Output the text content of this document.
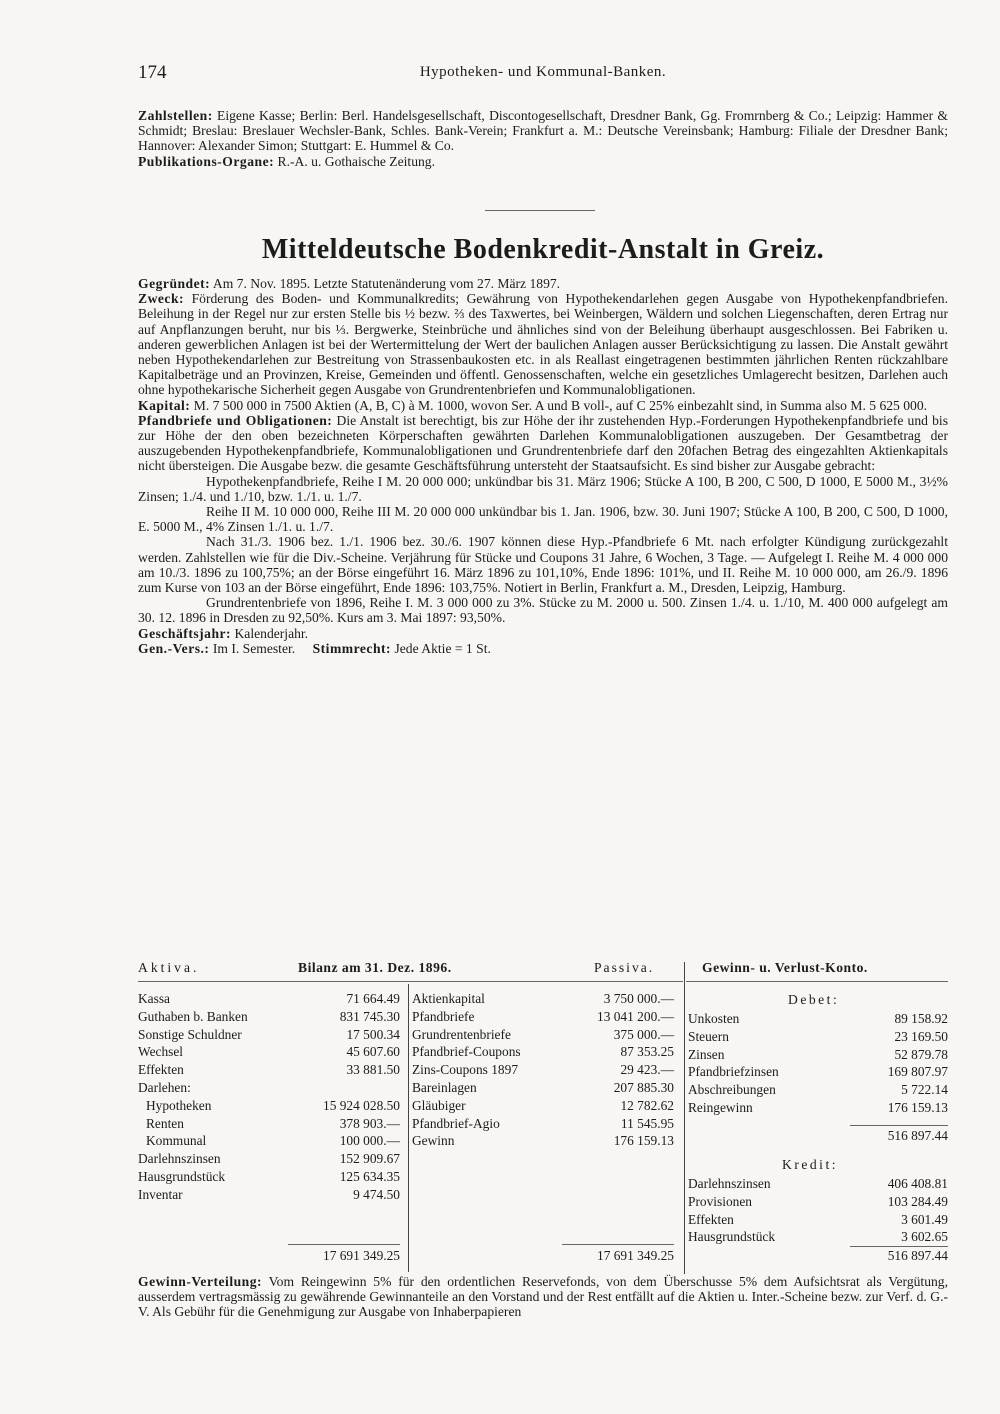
174	Hypotheken- und Kommunal-Banken.
Zahlstellen: Eigene Kasse; Berlin: Berl. Handelsgesellschaft, Discontogesellschaft, Dresdner Bank, Gg. Fromrnberg & Co.; Leipzig: Hammer & Schmidt; Breslau: Breslauer Wechsler-Bank, Schles. Bank-Verein; Frankfurt a. M.: Deutsche Vereinsbank; Hamburg: Filiale der Dresdner Bank; Hannover: Alexander Simon; Stuttgart: E. Hummel & Co.
Publikations-Organe: R.-A. u. Gothaische Zeitung.
Mitteldeutsche Bodenkredit-Anstalt in Greiz.
Gegründet: Am 7. Nov. 1895. Letzte Statutenänderung vom 27. März 1897.
Zweck: Förderung des Boden- und Kommunalkredits; Gewährung von Hypothekendarlehen gegen Ausgabe von Hypothekenpfandbriefen. Beleihung in der Regel nur zur ersten Stelle bis ½ bezw. ⅔ des Taxwertes, bei Weinbergen, Wäldern und solchen Liegenschaften, deren Ertrag nur auf Anpflanzungen beruht, nur bis ⅓. Bergwerke, Steinbrüche und ähnliches sind von der Beleihung überhaupt ausgeschlossen. Bei Fabriken u. anderen gewerblichen Anlagen ist bei der Wertermittelung der Wert der baulichen Anlagen ausser Berücksichtigung zu lassen. Die Anstalt gewährt neben Hypothekendarlehen zur Bestreitung von Strassenbaukosten etc. in als Reallast eingetragenen bestimmten jährlichen Renten rückzahlbare Kapitalbeträge und an Provinzen, Kreise, Gemeinden und öffentl. Genossenschaften, welche ein gesetzliches Umlagerecht besitzen, Darlehen auch ohne hypothekarische Sicherheit gegen Ausgabe von Grundrentenbriefen und Kommunalobligationen.
Kapital: M. 7 500 000 in 7500 Aktien (A, B, C) à M. 1000, wovon Ser. A und B voll-, auf C 25% einbezahlt sind, in Summa also M. 5 625 000.
Pfandbriefe und Obligationen: Die Anstalt ist berechtigt, bis zur Höhe der ihr zustehenden Hyp.-Forderungen Hypothekenpfandbriefe und bis zur Höhe der den oben bezeichneten Körperschaften gewährten Darlehen Kommunalobligationen auszugeben. Der Gesamtbetrag der auszugebenden Hypothekenpfandbriefe, Kommunalobligationen und Grundrentenbriefe darf den 20fachen Betrag des eingezahlten Aktienkapitals nicht übersteigen. Die Ausgabe bezw. die gesamte Geschäftsführung untersteht der Staatsaufsicht. Es sind bisher zur Ausgabe gebracht:
Hypothekenpfandbriefe, Reihe I M. 20 000 000; unkündbar bis 31. März 1906; Stücke A 100, B 200, C 500, D 1000, E 5000 M., 3½% Zinsen; 1./4. und 1./10, bzw. 1./1. u. 1./7.
Reihe II M. 10 000 000, Reihe III M. 20 000 000 unkündbar bis 1. Jan. 1906, bzw. 30. Juni 1907; Stücke A 100, B 200, C 500, D 1000, E. 5000 M., 4% Zinsen 1./1. u. 1./7.
Nach 31./3. 1906 bez. 1./1. 1906 bez. 30./6. 1907 können diese Hyp.-Pfandbriefe 6 Mt. nach erfolgter Kündigung zurückgezahlt werden. Zahlstellen wie für die Div.-Scheine. Verjährung für Stücke und Coupons 31 Jahre, 6 Wochen, 3 Tage. — Aufgelegt I. Reihe M. 4 000 000 am 10./3. 1896 zu 100,75%; an der Börse eingeführt 16. März 1896 zu 101,10%, Ende 1896: 101%, und II. Reihe M. 10 000 000, am 26./9. 1896 zum Kurse von 103 an der Börse eingeführt, Ende 1896: 103,75%. Notiert in Berlin, Frankfurt a. M., Dresden, Leipzig, Hamburg.
Grundrentenbriefe von 1896, Reihe I. M. 3 000 000 zu 3%. Stücke zu M. 2000 u. 500. Zinsen 1./4. u. 1./10, M. 400 000 aufgelegt am 30. 12. 1896 in Dresden zu 92,50%. Kurs am 3. Mai 1897: 93,50%.
Geschäftsjahr: Kalenderjahr.
Gen.-Vers.: Im I. Semester. Stimmrecht: Jede Aktie = 1 St.
Aktiva.	Bilanz am 31. Dez. 1896.	Passiva.	Gewinn- u. Verlust-Konto.
Kassa	71 664.49
Guthaben b. Banken	831 745.30
Sonstige Schuldner	17 500.34
Wechsel	45 607.60
Effekten	33 881.50
Darlehen:
Hypotheken	15 924 028.50
Renten	378 903.—
Kommunal	100 000.—
Darlehnszinsen	152 909.67
Hausgrundstück	125 634.35
Inventar	9 474.50
Aktienkapital	3 750 000.—
Pfandbriefe	13 041 200.—
Grundrentenbriefe	375 000.—
Pfandbrief-Coupons	87 353.25
Zins-Coupons 1897	29 423.—
Bareinlagen	207 885.30
Gläubiger	12 782.62
Pfandbrief-Agio	11 545.95
Gewinn	176 159.13
17 691 349.25	17 691 349.25
Debet:
Unkosten	89 158.92
Steuern	23 169.50
Zinsen	52 879.78
Pfandbriefzinsen	169 807.97
Abschreibungen	5 722.14
Reingewinn	176 159.13
516 897.44
Kredit:
Darlehnszinsen	406 408.81
Provisionen	103 284.49
Effekten	3 601.49
Hausgrundstück	3 602.65
516 897.44
Gewinn-Verteilung: Vom Reingewinn 5% für den ordentlichen Reservefonds, von dem Überschusse 5% dem Aufsichtsrat als Vergütung, ausserdem vertragsmässig zu gewährende Gewinnanteile an den Vorstand und der Rest entfällt auf die Aktien u. Inter.-Scheine bezw. zur Verf. d. G.-V. Als Gebühr für die Genehmigung zur Ausgabe von Inhaberpapieren
